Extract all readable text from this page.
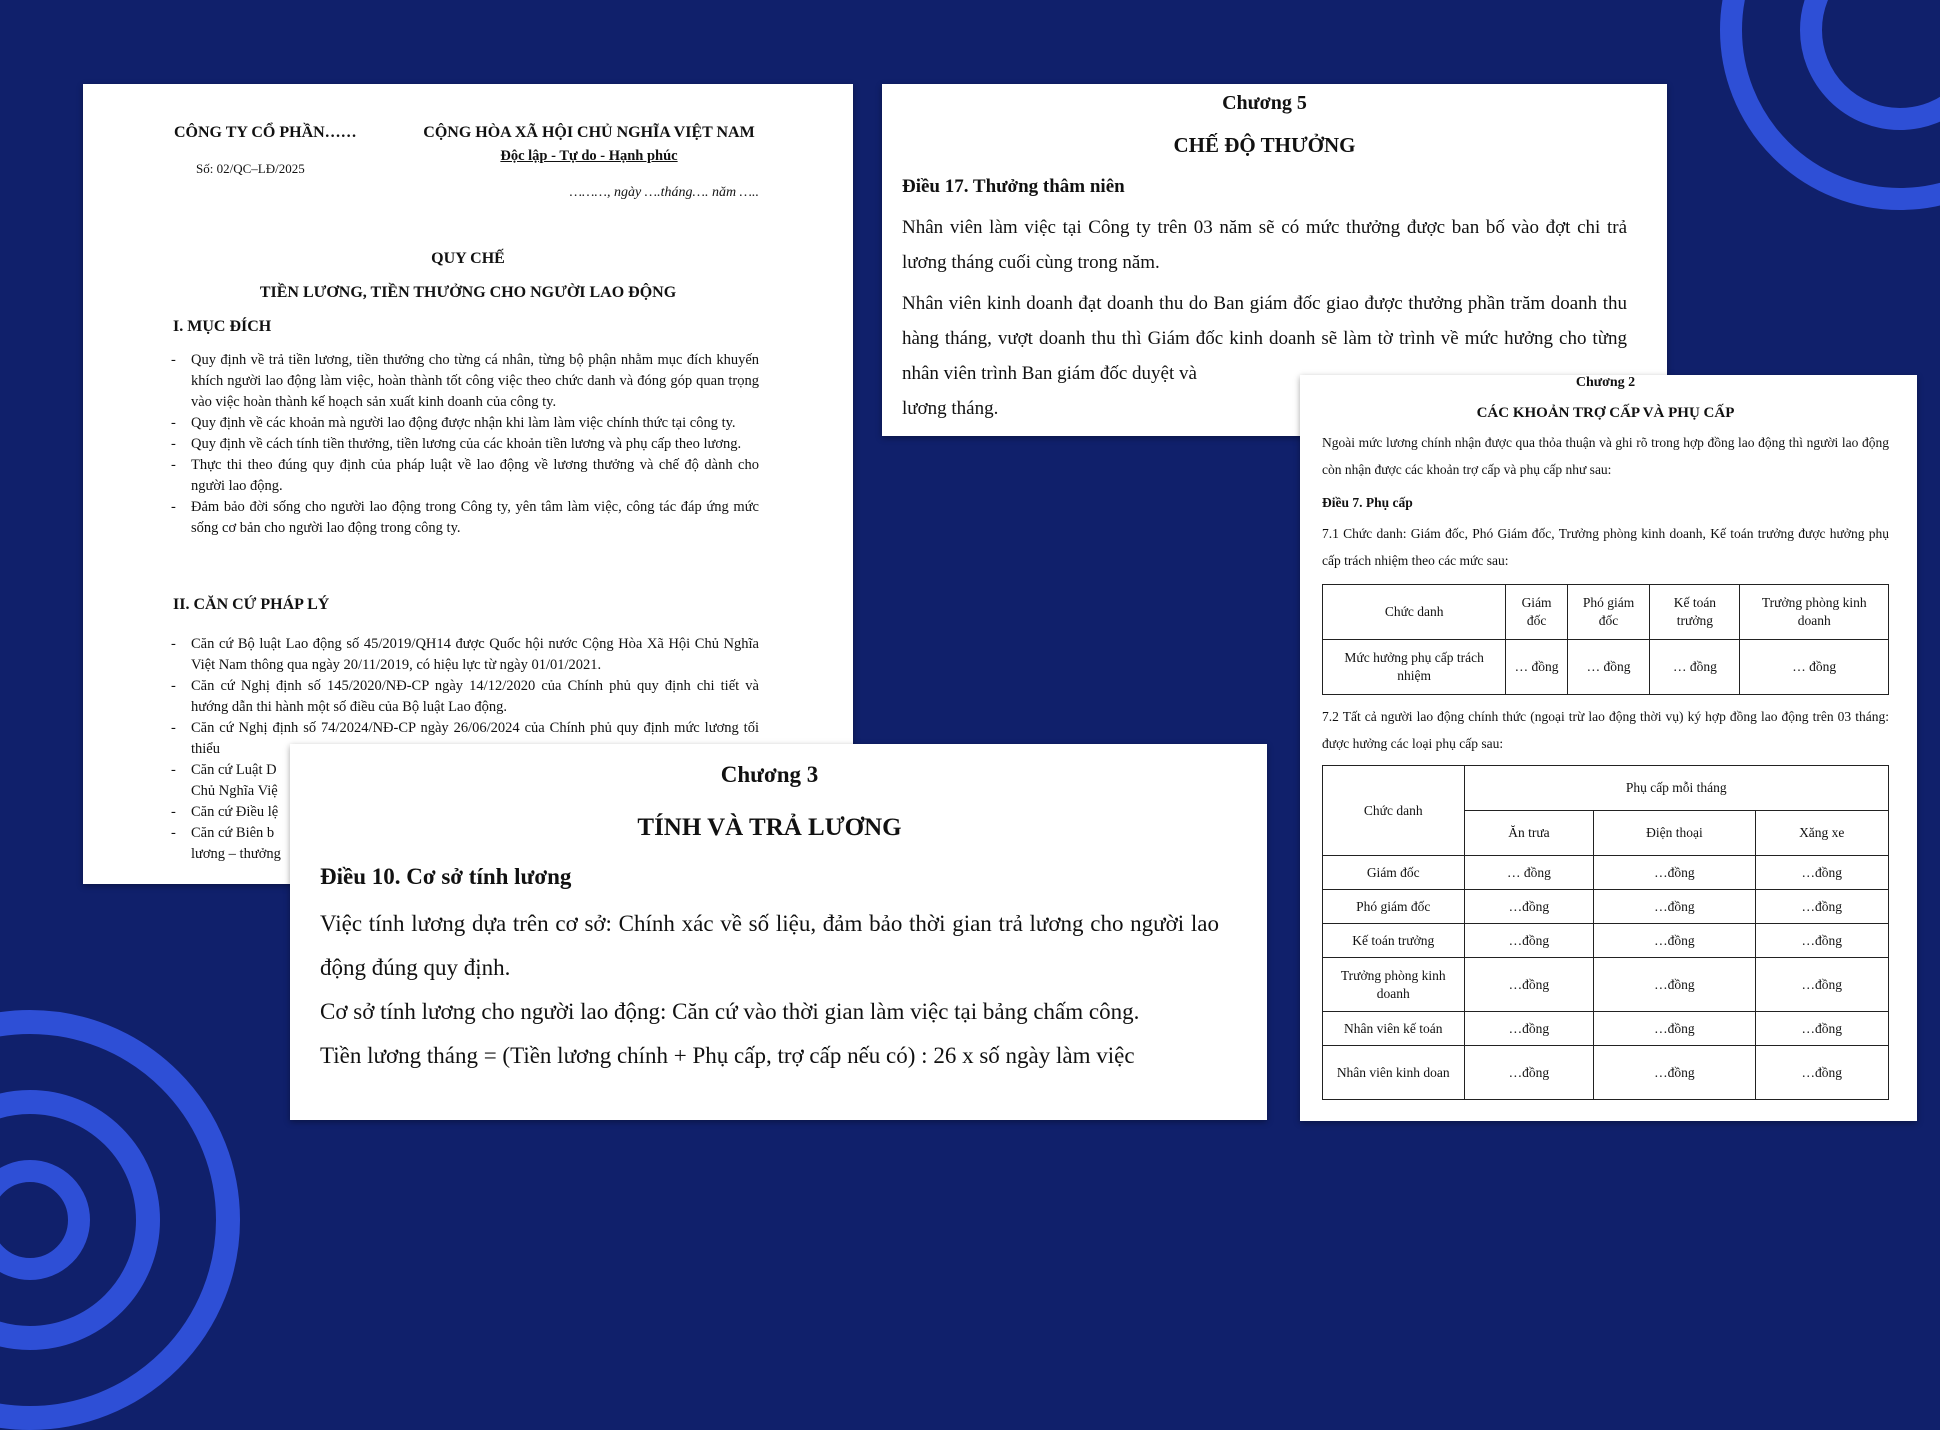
CÔNG TY CỔ PHẦN……
Số: 02/QC–LĐ/2025
CỘNG HÒA XÃ HỘI CHỦ NGHĨA VIỆT NAM
Độc lập - Tự do - Hạnh phúc
………, ngày ….tháng…. năm …..
QUY CHẾ
TIỀN LƯƠNG, TIỀN THƯỞNG CHO NGƯỜI LAO ĐỘNG
I. MỤC ĐÍCH
- Quy định về trả tiền lương, tiền thưởng cho từng cá nhân, từng bộ phận nhằm mục đích khuyến khích người lao động làm việc, hoàn thành tốt công việc theo chức danh và đóng góp quan trọng vào việc hoàn thành kế hoạch sản xuất kinh doanh của công ty.
- Quy định về các khoản mà người lao động được nhận khi làm làm việc chính thức tại công ty.
- Quy định về cách tính tiền thưởng, tiền lương của các khoản tiền lương và phụ cấp theo lương.
- Thực thi theo đúng quy định của pháp luật về lao động về lương thưởng và chế độ dành cho người lao động.
- Đảm bảo đời sống cho người lao động trong Công ty, yên tâm làm việc, công tác đáp ứng mức sống cơ bản cho người lao động trong công ty.
II. CĂN CỨ PHÁP LÝ
- Căn cứ Bộ luật Lao động số 45/2019/QH14 được Quốc hội nước Cộng Hòa Xã Hội Chủ Nghĩa Việt Nam thông qua ngày 20/11/2019, có hiệu lực từ ngày 01/01/2021.
- Căn cứ Nghị định số 145/2020/NĐ-CP ngày 14/12/2020 của Chính phủ quy định chi tiết và hướng dẫn thi hành một số điều của Bộ luật Lao động.
- Căn cứ Nghị định số 74/2024/NĐ-CP ngày 26/06/2024 của Chính phủ quy định mức lương tối thiểu
- Căn cứ Luật D
Chủ Nghĩa Việ
- Căn cứ Điều lệ
- Căn cứ Biên b
lương – thưởng
Chương 5
CHẾ ĐỘ THƯỞNG
Điều 17. Thưởng thâm niên

Nhân viên làm việc tại Công ty trên 03 năm sẽ có mức thưởng được ban bố vào đợt chi trả lương tháng cuối cùng trong năm.

Nhân viên kinh doanh đạt doanh thu do Ban giám đốc giao được thưởng phần trăm doanh thu hàng tháng, vượt doanh thu thì Giám đốc kinh doanh sẽ làm tờ trình về mức hưởng cho từng nhân viên trình Ban giám đốc duyệt và

lương tháng.

Chương 2
CÁC KHOẢN TRỢ CẤP VÀ PHỤ CẤP

Ngoài mức lương chính nhận được qua thỏa thuận và ghi rõ trong hợp đồng lao động thì người lao động còn nhận được các khoản trợ cấp và phụ cấp như sau:

Điều 7. Phụ cấp

7.1 Chức danh: Giám đốc, Phó Giám đốc, Trưởng phòng kinh doanh, Kế toán trưởng được hưởng phụ cấp trách nhiệm theo các mức sau:

Chức danh	Giám đốc	Phó giám đốc	Kế toán trưởng	Trưởng phòng kinh doanh
Mức hưởng phụ cấp trách nhiệm	… đồng	… đồng	… đồng	… đồng

7.2 Tất cả người lao động chính thức (ngoại trừ lao động thời vụ) ký hợp đồng lao động trên 03 tháng: được hưởng các loại phụ cấp sau:

Chức danh	Phụ cấp mỗi tháng		
	Ăn trưa	Điện thoại	Xăng xe
Giám đốc	… đồng	…đồng	…đồng
Phó giám đốc	…đồng	…đồng	…đồng
Kế toán trưởng	…đồng	…đồng	…đồng
Trưởng phòng kinh doanh	…đồng	…đồng	…đồng
Nhân viên kế toán	…đồng	…đồng	…đồng
Nhân viên kinh doan	…đồng	…đồng	…đồng
Chương 3
TÍNH VÀ TRẢ LƯƠNG
Điều 10. Cơ sở tính lương

Việc tính lương dựa trên cơ sở: Chính xác về số liệu, đảm bảo thời gian trả lương cho người lao động đúng quy định.

Cơ sở tính lương cho người lao động: Căn cứ vào thời gian làm việc tại bảng chấm công.

Tiền lương tháng = (Tiền lương chính + Phụ cấp, trợ cấp nếu có) : 26 x số ngày làm việc
